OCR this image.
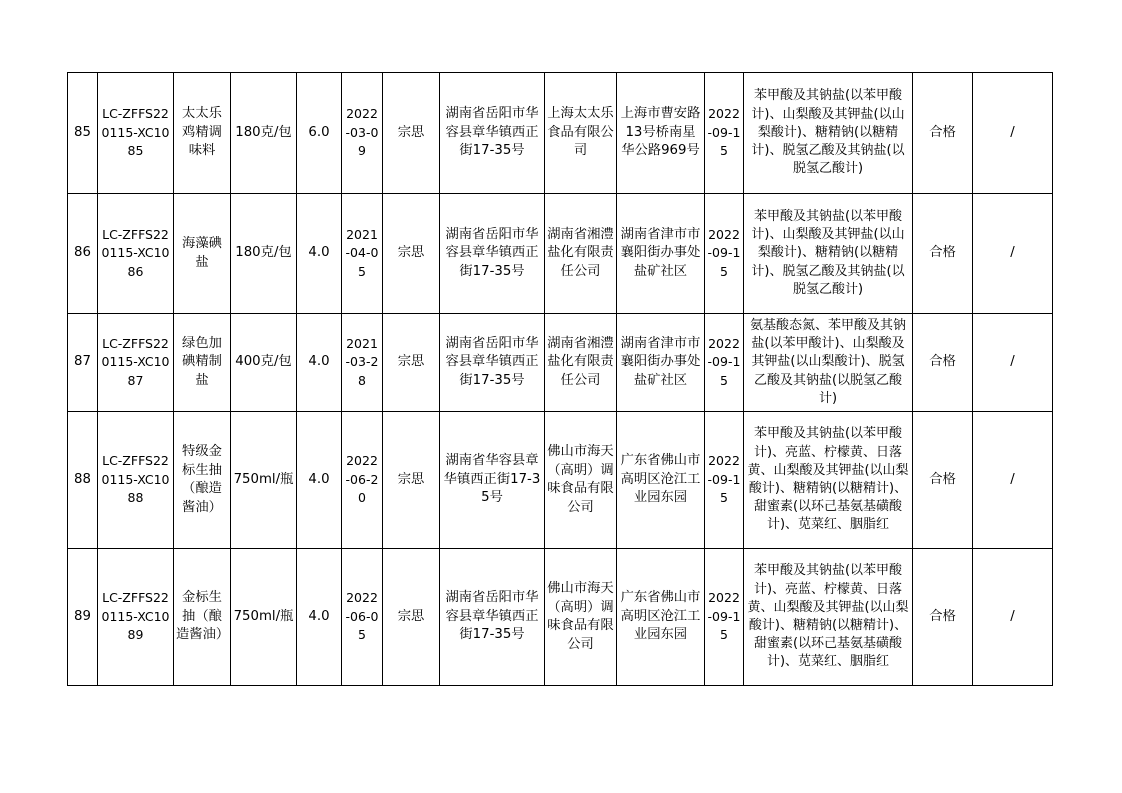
85	LC-ZFFS220115-XC1085	太太乐鸡精调味料	180克/包	6.0	2022-03-09	宗思	湖南省岳阳市华容县章华镇西正街17-35号	上海太太乐食品有限公司	上海市曹安路13号桥南星华公路969号	2022-09-15	苯甲酸及其钠盐(以苯甲酸计)、山梨酸及其钾盐(以山梨酸计)、糖精钠(以糖精计)、脱氢乙酸及其钠盐(以脱氢乙酸计)	合格	/
86	LC-ZFFS220115-XC1086	海藻碘盐	180克/包	4.0	2021-04-05	宗思	湖南省岳阳市华容县章华镇西正街17-35号	湖南省湘澧盐化有限责任公司	湖南省津市市襄阳街办事处盐矿社区	2022-09-15	苯甲酸及其钠盐(以苯甲酸计)、山梨酸及其钾盐(以山梨酸计)、糖精钠(以糖精计)、脱氢乙酸及其钠盐(以脱氢乙酸计)	合格	/
87	LC-ZFFS220115-XC1087	绿色加碘精制盐	400克/包	4.0	2021-03-28	宗思	湖南省岳阳市华容县章华镇西正街17-35号	湖南省湘澧盐化有限责任公司	湖南省津市市襄阳街办事处盐矿社区	2022-09-15	氨基酸态氮、苯甲酸及其钠盐(以苯甲酸计)、山梨酸及其钾盐(以山梨酸计)、脱氢乙酸及其钠盐(以脱氢乙酸计)	合格	/
88	LC-ZFFS220115-XC1088	特级金标生抽（酿造酱油）	750ml/瓶	4.0	2022-06-20	宗思	湖南省华容县章华镇西正街17-35号	佛山市海天（高明）调味食品有限公司	广东省佛山市高明区沧江工业园东园	2022-09-15	苯甲酸及其钠盐(以苯甲酸计)、亮蓝、柠檬黄、日落黄、山梨酸及其钾盐(以山梨酸计)、糖精钠(以糖精计)、甜蜜素(以环己基氨基磺酸计)、苋菜红、胭脂红	合格	/
89	LC-ZFFS220115-XC1089	金标生抽（酿造酱油）	750ml/瓶	4.0	2022-06-05	宗思	湖南省岳阳市华容县章华镇西正街17-35号	佛山市海天（高明）调味食品有限公司	广东省佛山市高明区沧江工业园东园	2022-09-15	苯甲酸及其钠盐(以苯甲酸计)、亮蓝、柠檬黄、日落黄、山梨酸及其钾盐(以山梨酸计)、糖精钠(以糖精计)、甜蜜素(以环己基氨基磺酸计)、苋菜红、胭脂红	合格	/
